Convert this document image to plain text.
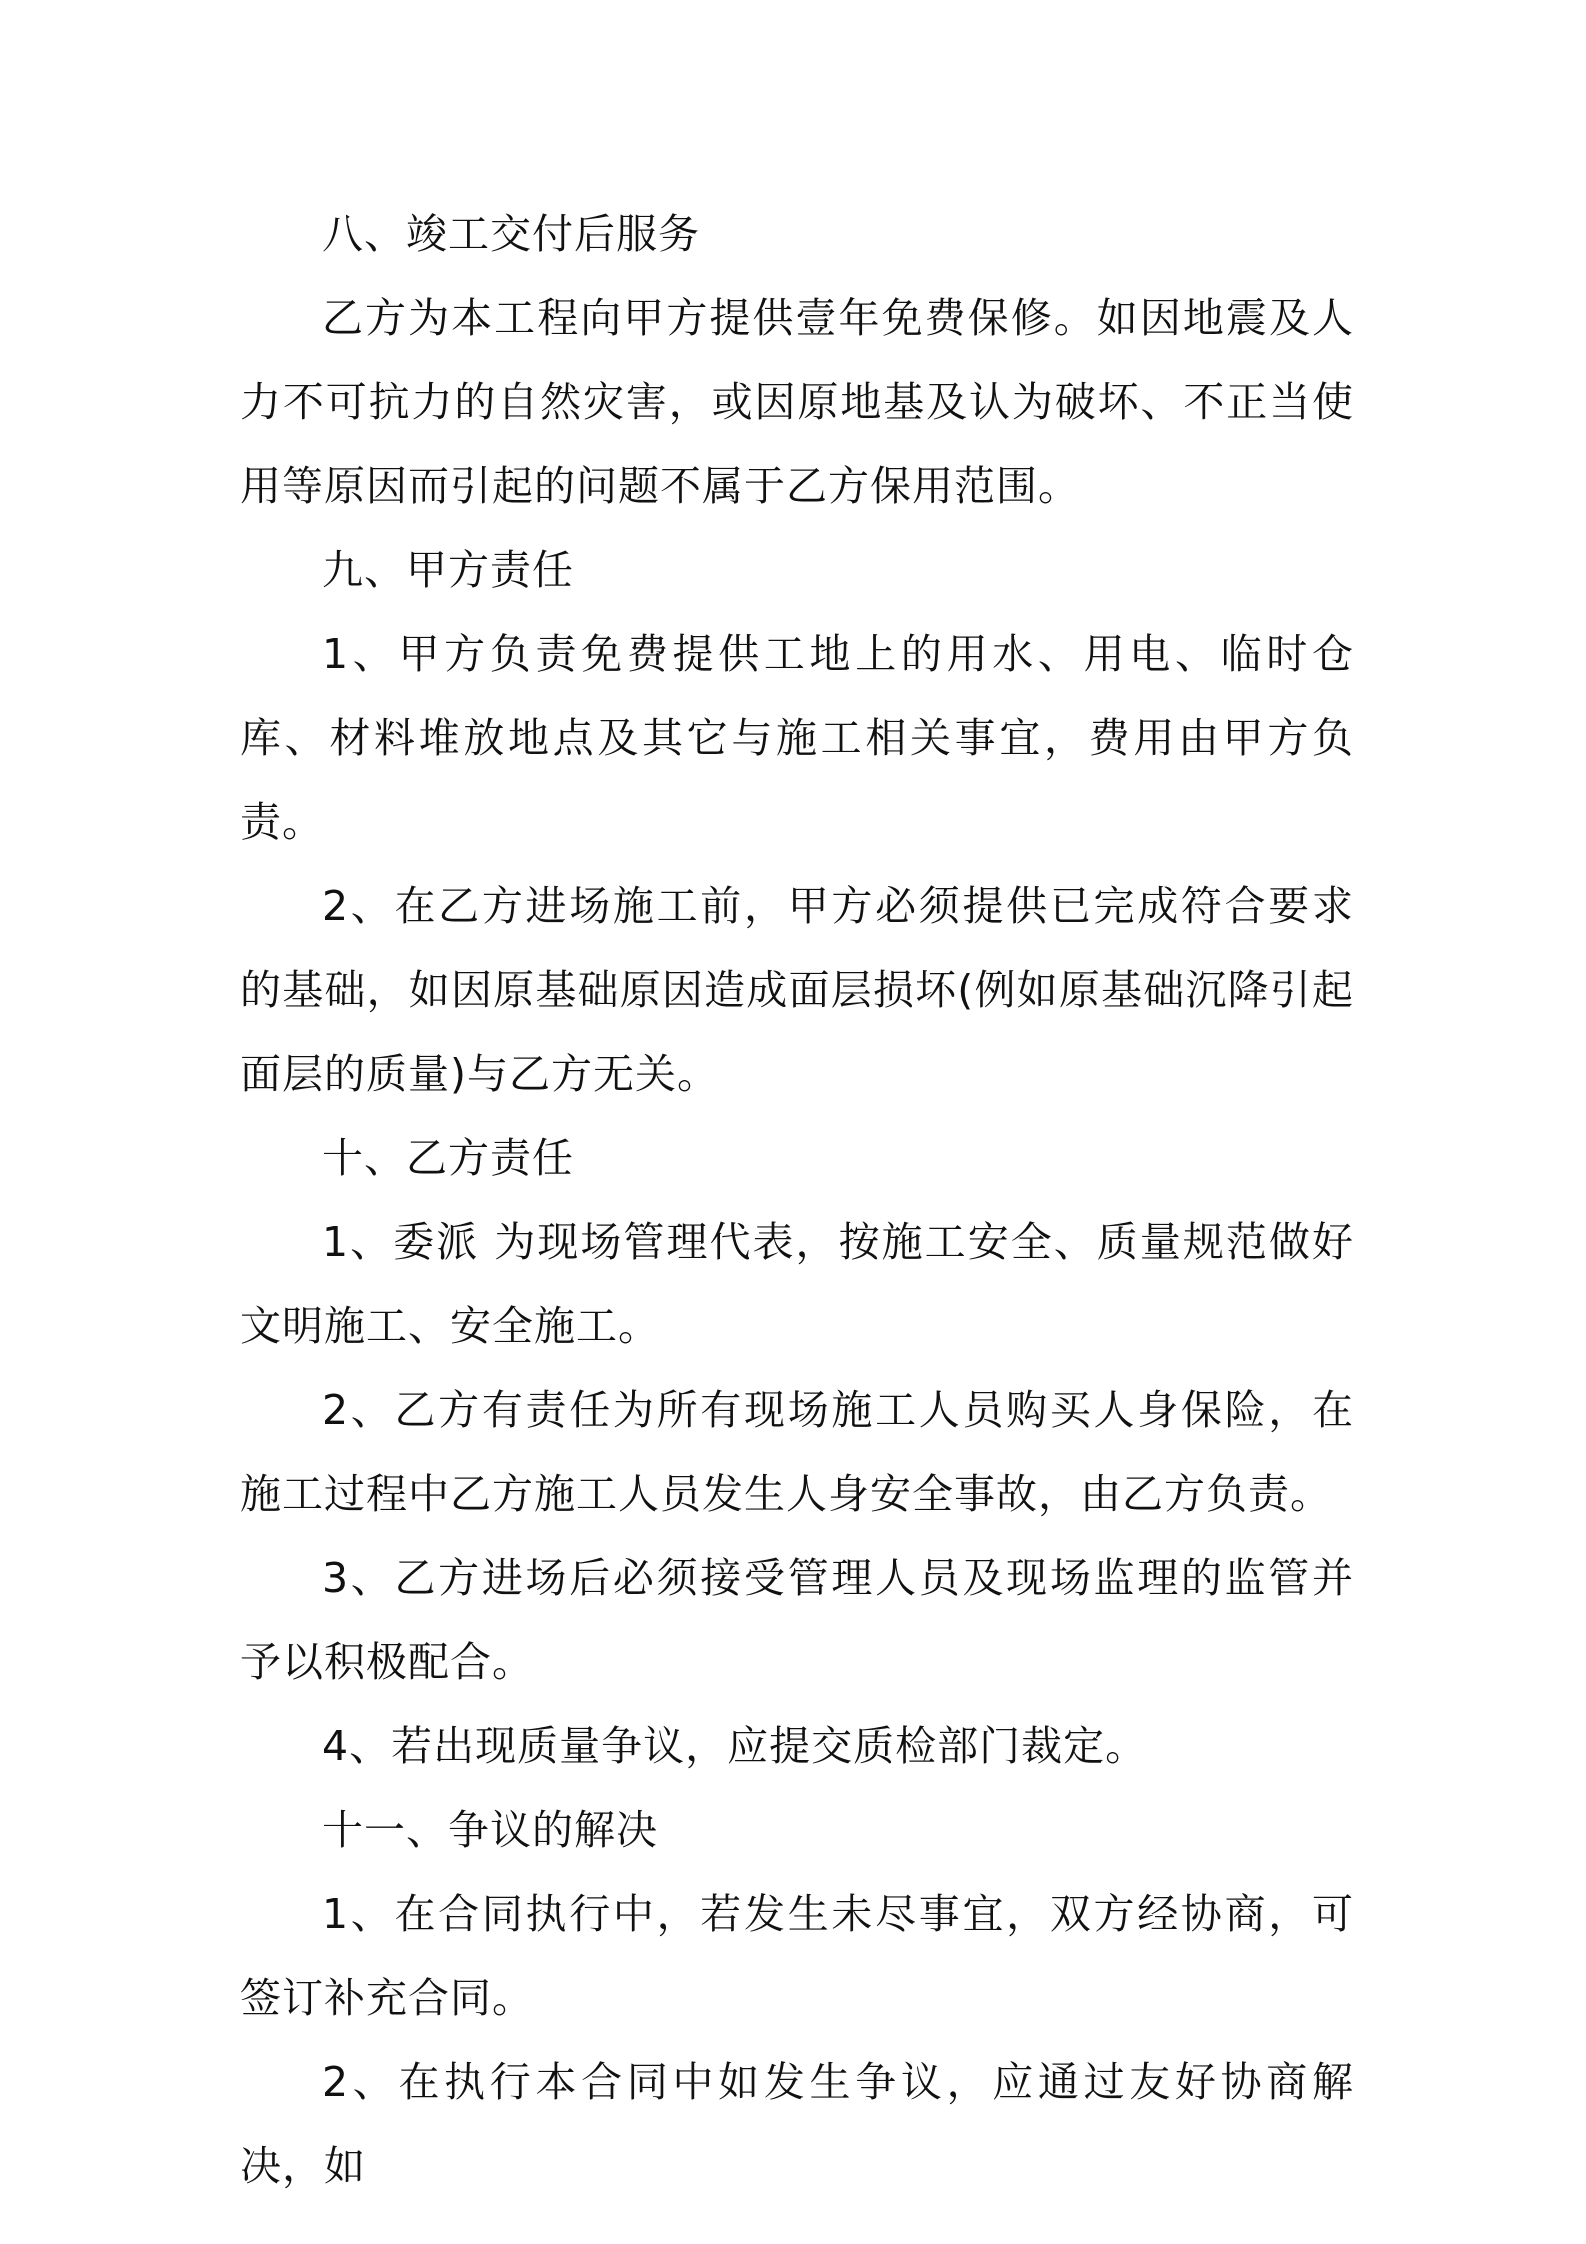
八、竣工交付后服务

乙方为本工程向甲方提供壹年免费保修。如因地震及人力不可抗力的自然灾害，或因原地基及认为破坏、不正当使用等原因而引起的问题不属于乙方保用范围。

九、甲方责任

1、甲方负责免费提供工地上的用水、用电、临时仓库、材料堆放地点及其它与施工相关事宜，费用由甲方负责。

2、在乙方进场施工前，甲方必须提供已完成符合要求的基础，如因原基础原因造成面层损坏(例如原基础沉降引起面层的质量)与乙方无关。

十、乙方责任

1、委派 为现场管理代表，按施工安全、质量规范做好文明施工、安全施工。

2、乙方有责任为所有现场施工人员购买人身保险，在施工过程中乙方施工人员发生人身安全事故，由乙方负责。

3、乙方进场后必须接受管理人员及现场监理的监管并予以积极配合。

4、若出现质量争议，应提交质检部门裁定。

十一、争议的解决

1、在合同执行中，若发生未尽事宜，双方经协商，可签订补充合同。

2、在执行本合同中如发生争议，应通过友好协商解决，如
